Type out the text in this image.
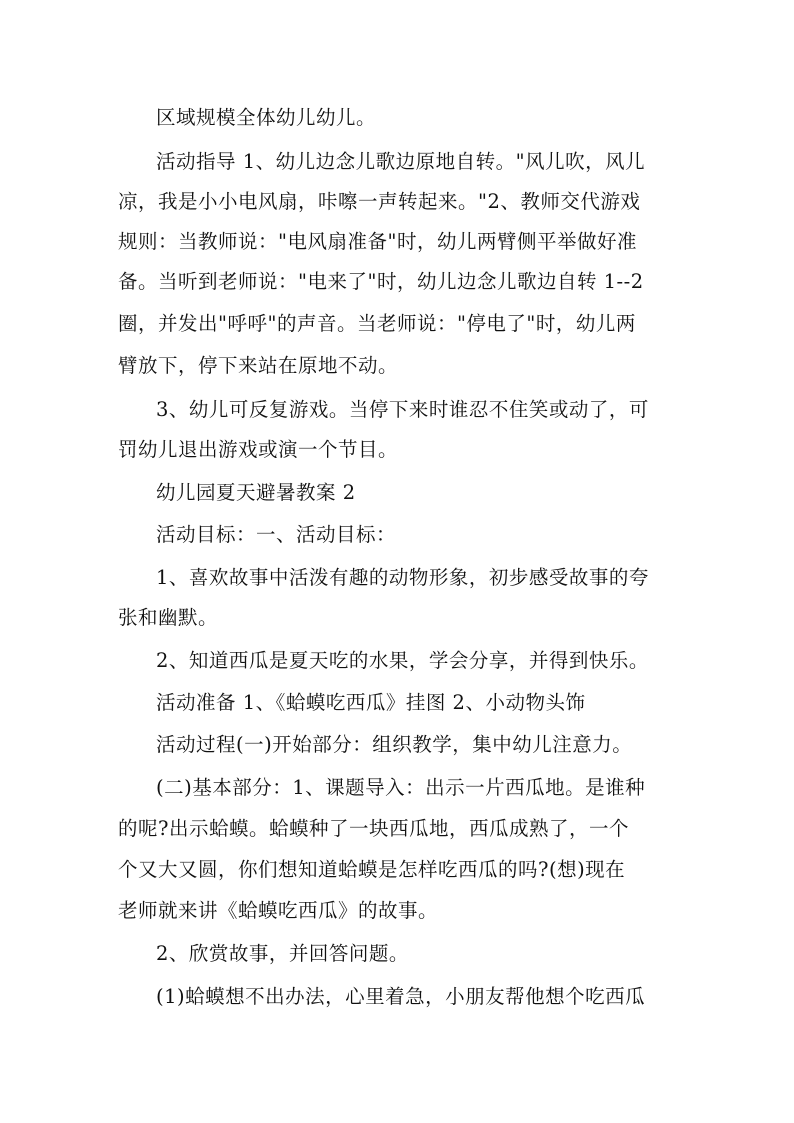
区域规模全体幼儿幼儿。
活动指导 1、幼儿边念儿歌边原地自转。"风儿吹，风儿
凉，我是小小电风扇，咔嚓一声转起来。"2、教师交代游戏
规则：当教师说："电风扇准备"时，幼儿两臂侧平举做好准
备。当听到老师说："电来了"时，幼儿边念儿歌边自转 1--2
圈，并发出"呼呼"的声音。当老师说："停电了"时，幼儿两
臂放下，停下来站在原地不动。
3、幼儿可反复游戏。当停下来时谁忍不住笑或动了，可
罚幼儿退出游戏或演一个节目。
幼儿园夏天避暑教案 2
活动目标：一、活动目标：
1、喜欢故事中活泼有趣的动物形象，初步感受故事的夸
张和幽默。
2、知道西瓜是夏天吃的水果，学会分享，并得到快乐。
活动准备 1、《蛤蟆吃西瓜》挂图 2、小动物头饰
活动过程(一)开始部分：组织教学，集中幼儿注意力。
(二)基本部分：1、课题导入：出示一片西瓜地。是谁种
的呢?出示蛤蟆。蛤蟆种了一块西瓜地，西瓜成熟了，一个
个又大又圆，你们想知道蛤蟆是怎样吃西瓜的吗?(想)现在
老师就来讲《蛤蟆吃西瓜》的故事。
2、欣赏故事，并回答问题。
(1)蛤蟆想不出办法，心里着急，小朋友帮他想个吃西瓜
